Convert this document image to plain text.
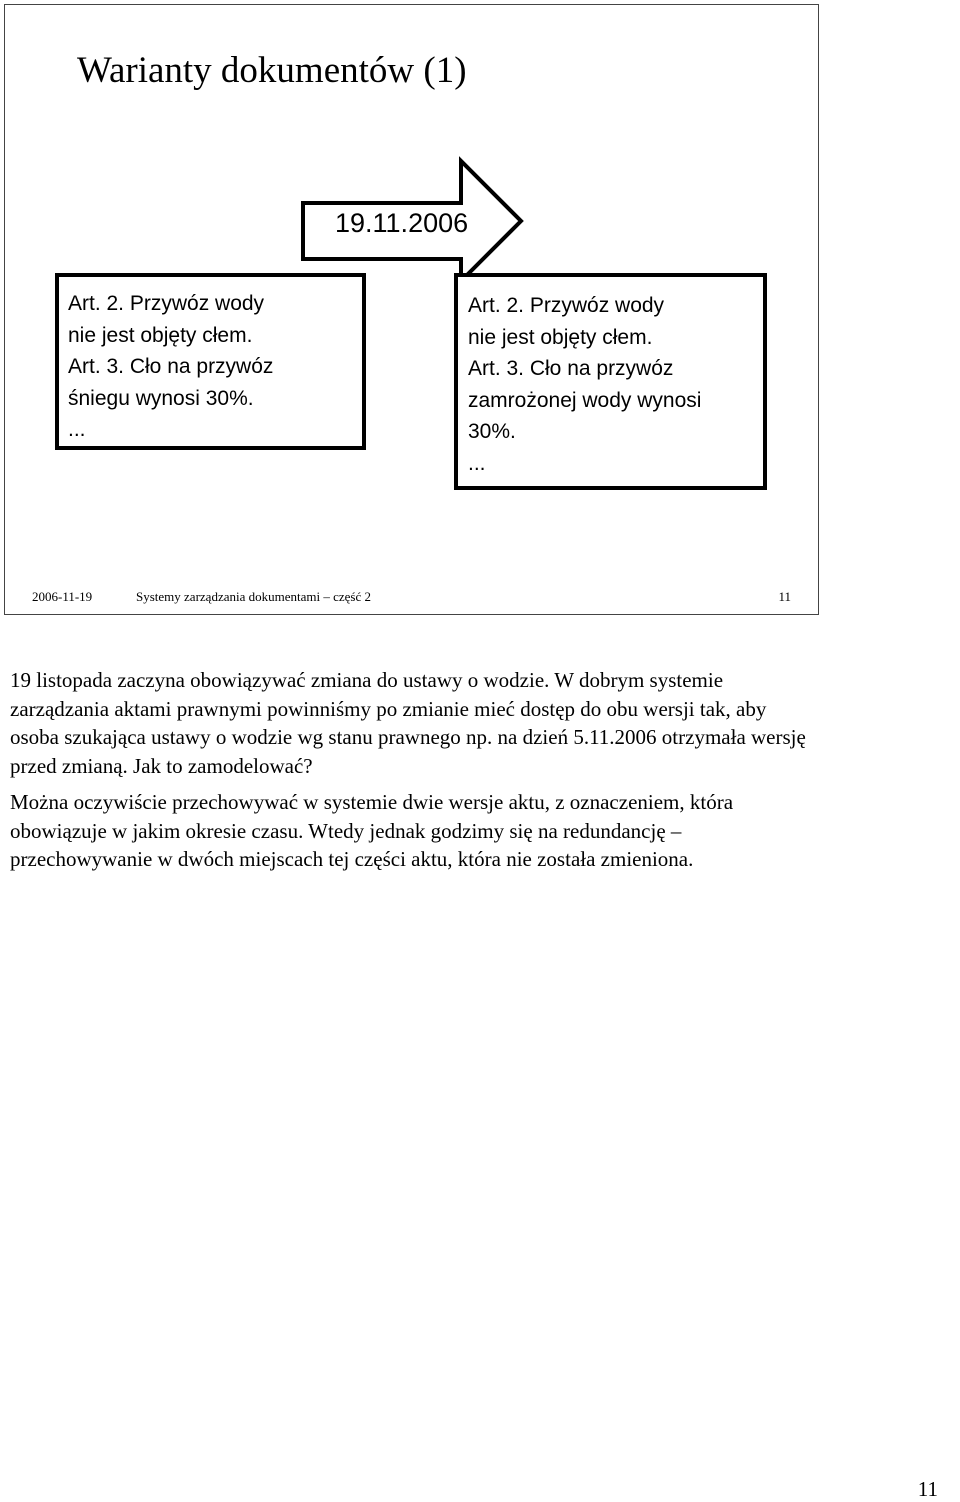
Warianty dokumentów (1)
19.11.2006
Art. 2. Przywóz wody
nie jest objęty cłem.
Art. 3. Cło na przywóz
śniegu wynosi 30%.
...
Art. 2. Przywóz wody
nie jest objęty cłem.
Art. 3. Cło na przywóz
zamrożonej wody wynosi
30%.
...
2006-11-19	Systemy zarządzania dokumentami – część 2	11

19 listopada zaczyna obowiązywać zmiana do ustawy o wodzie. W dobrym systemie zarządzania aktami prawnymi powinniśmy po zmianie mieć dostęp do obu wersji tak, aby osoba szukająca ustawy o wodzie wg stanu prawnego np. na dzień 5.11.2006 otrzymała wersję przed zmianą. Jak to zamodelować?

Można oczywiście przechowywać w systemie dwie wersje aktu, z oznaczeniem, która obowiązuje w jakim okresie czasu. Wtedy jednak godzimy się na redundancję – przechowywanie w dwóch miejscach tej części aktu, która nie została zmieniona.

11
